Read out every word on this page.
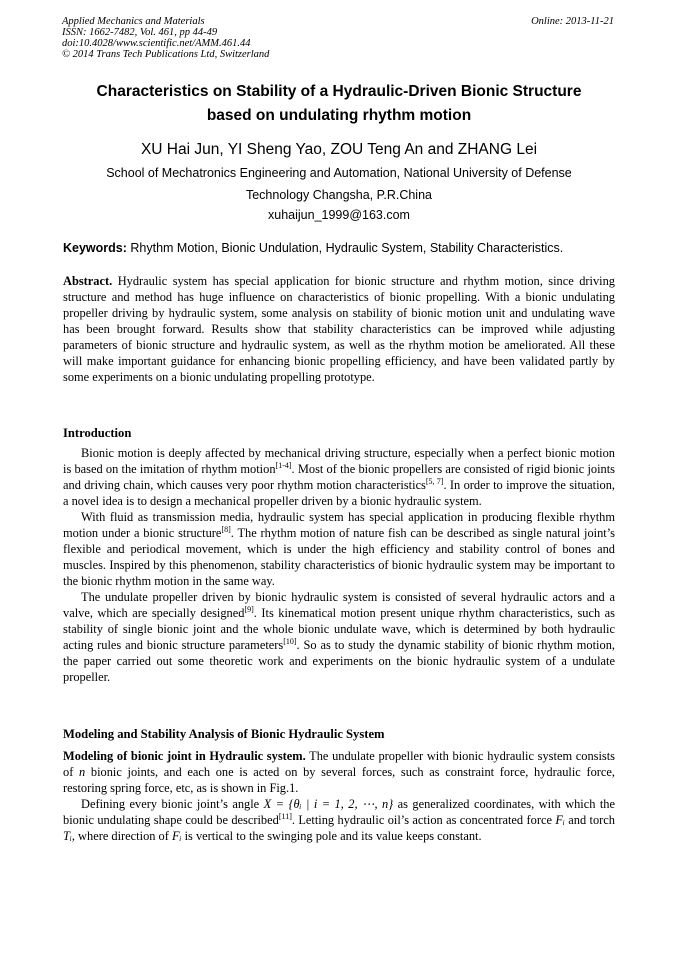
Applied Mechanics and Materials
ISSN: 1662-7482, Vol. 461, pp 44-49
doi:10.4028/www.scientific.net/AMM.461.44
© 2014 Trans Tech Publications Ltd, Switzerland
Online: 2013-11-21
Characteristics on Stability of a Hydraulic-Driven Bionic Structure
based on undulating rhythm motion
XU Hai Jun, YI Sheng Yao, ZOU Teng An and ZHANG Lei
School of Mechatronics Engineering and Automation, National University of Defense
Technology Changsha, P.R.China
xuhaijun_1999@163.com
Keywords: Rhythm Motion, Bionic Undulation, Hydraulic System, Stability Characteristics.

Abstract. Hydraulic system has special application for bionic structure and rhythm motion, since driving structure and method has huge influence on characteristics of bionic propelling. With a bionic undulating propeller driving by hydraulic system, some analysis on stability of bionic motion unit and undulating wave has been brought forward. Results show that stability characteristics can be improved while adjusting parameters of bionic structure and hydraulic system, as well as the rhythm motion be ameliorated. All these will make important guidance for enhancing bionic propelling efficiency, and have been validated partly by some experiments on a bionic undulating propelling prototype.

Introduction

Bionic motion is deeply affected by mechanical driving structure, especially when a perfect bionic motion is based on the imitation of rhythm motion[1-4]. Most of the bionic propellers are consisted of rigid bionic joints and driving chain, which causes very poor rhythm motion characteristics[5, 7]. In order to improve the situation, a novel idea is to design a mechanical propeller driven by a bionic hydraulic system.

With fluid as transmission media, hydraulic system has special application in producing flexible rhythm motion under a bionic structure[8]. The rhythm motion of nature fish can be described as single natural joint’s flexible and periodical movement, which is under the high efficiency and stability control of bones and muscles. Inspired by this phenomenon, stability characteristics of bionic hydraulic system may be important to the bionic rhythm motion in the same way.

The undulate propeller driven by bionic hydraulic system is consisted of several hydraulic actors and a valve, which are specially designed[9]. Its kinematical motion present unique rhythm characteristics, such as stability of single bionic joint and the whole bionic undulate wave, which is determined by both hydraulic acting rules and bionic structure parameters[10]. So as to study the dynamic stability of bionic rhythm motion, the paper carried out some theoretic work and experiments on the bionic hydraulic system of a undulate propeller.

Modeling and Stability Analysis of Bionic Hydraulic System

Modeling of bionic joint in Hydraulic system. The undulate propeller with bionic hydraulic system consists of n bionic joints, and each one is acted on by several forces, such as constraint force, hydraulic force, restoring spring force, etc, as is shown in Fig.1.

Defining every bionic joint’s angle X = {θᵢ | i = 1, 2, ⋯, n} as generalized coordinates, with which the bionic undulating shape could be described[11]. Letting hydraulic oil’s action as concentrated force Fᵢ and torch Tᵢ, where direction of Fᵢ is vertical to the swinging pole and its value keeps constant.
